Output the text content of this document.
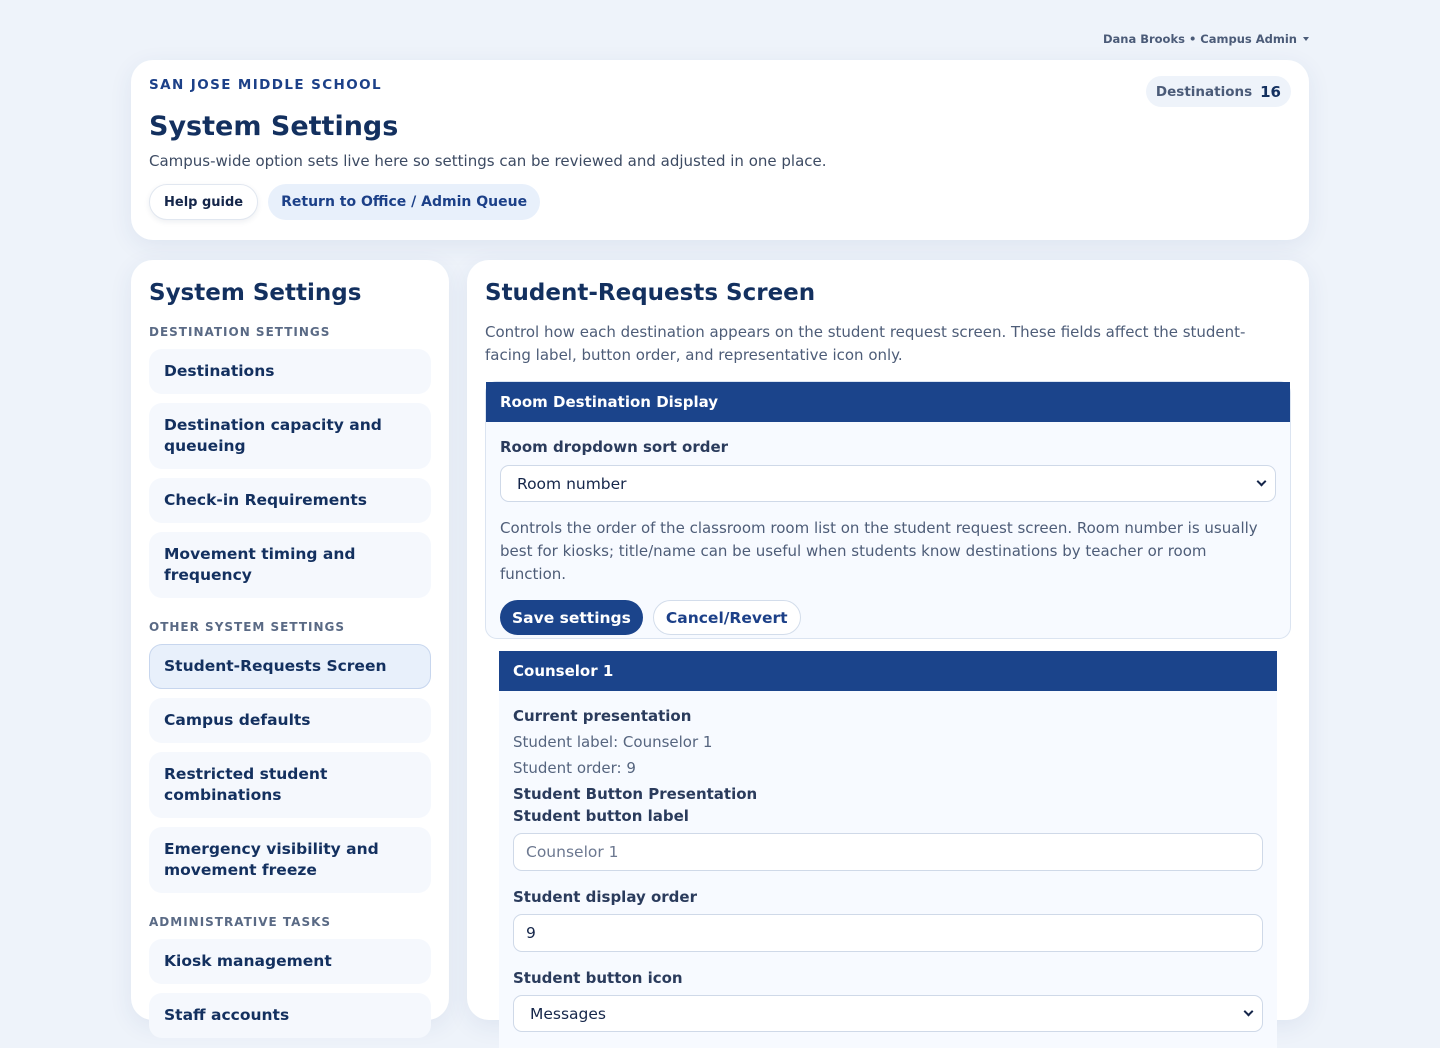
Dana Brooks • Campus Admin
SAN JOSE MIDDLE SCHOOL
System Settings
Campus-wide option sets live here so settings can be reviewed and adjusted in one place.
Help guide	Return to Office / Admin Queue
Destinations 16
System Settings
DESTINATION SETTINGS
Destinations
Destination capacity and queueing
Check-in Requirements
Movement timing and frequency
OTHER SYSTEM SETTINGS
Student-Requests Screen
Campus defaults
Restricted student combinations
Emergency visibility and movement freeze
ADMINISTRATIVE TASKS
Kiosk management
Staff accounts
Student-Requests Screen
Control how each destination appears on the student request screen. These fields affect the student-facing label, button order, and representative icon only.
Room Destination Display
Room dropdown sort order
Room number
Controls the order of the classroom room list on the student request screen. Room number is usually best for kiosks; title/name can be useful when students know destinations by teacher or room function.
Save settings	Cancel/Revert
Counselor 1
Current presentation
Student label: Counselor 1
Student order: 9
Student Button Presentation
Student button label
Counselor 1
Student display order
9
Student button icon
Messages
